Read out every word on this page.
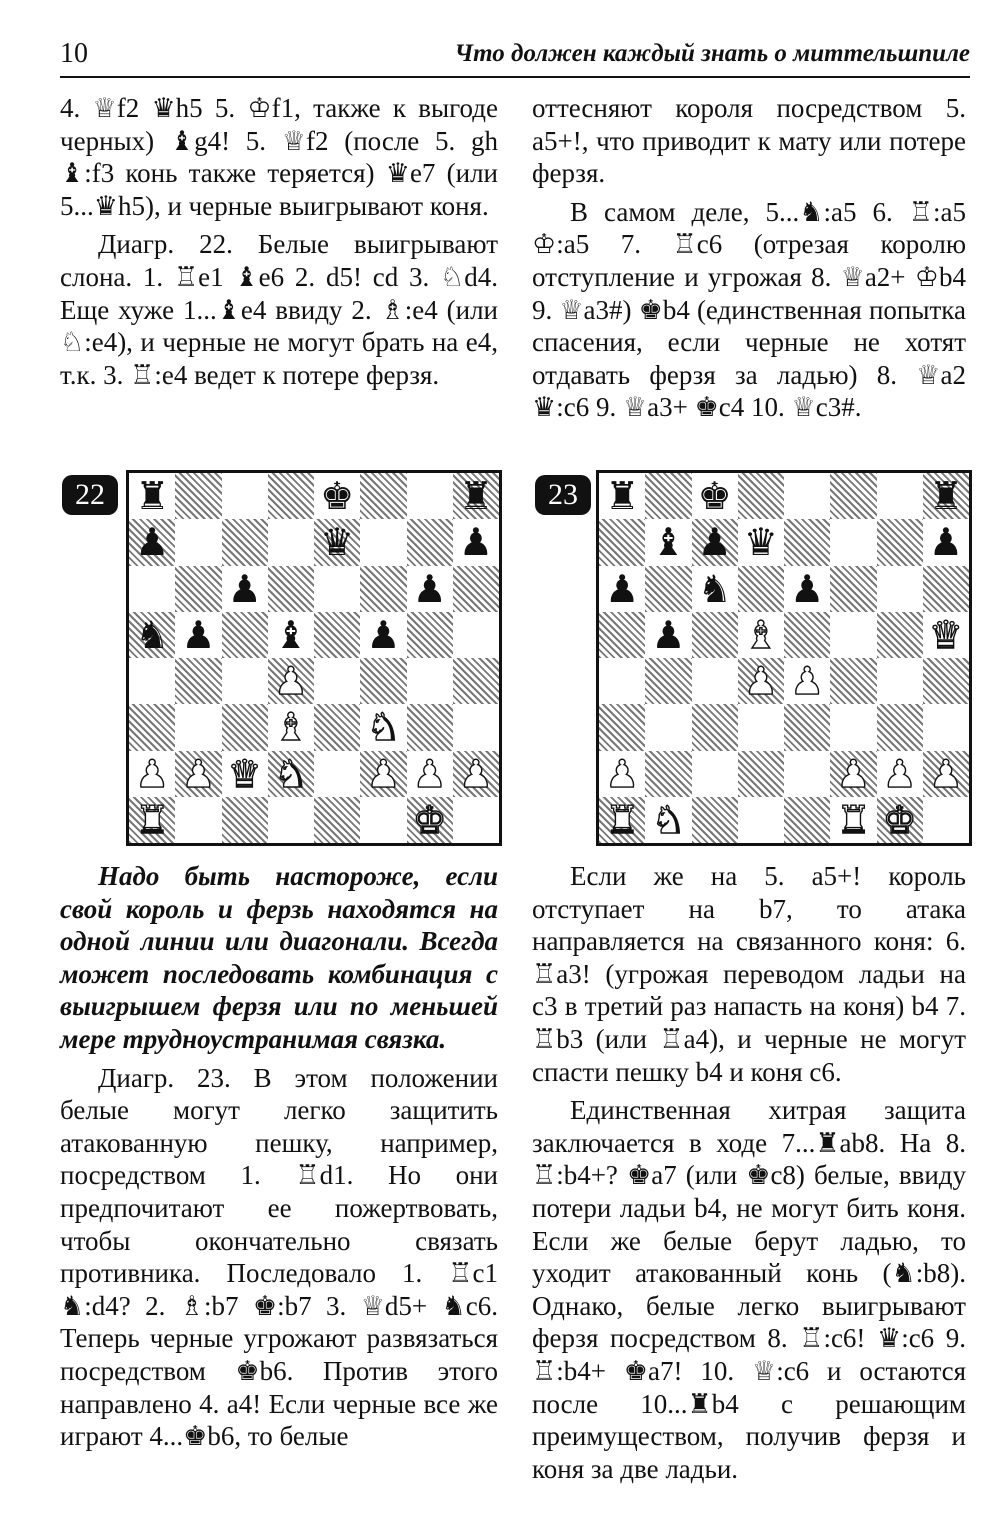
10	Что должен каждый знать о миттельшпиле

4. ♕f2 ♛h5 5. ♔f1, также к выгоде черных) ♝g4! 5. ♕f2 (после 5. gh ♝:f3 конь также теряется) ♛e7 (или 5...♛h5), и черные выигрывают коня.

Диагр. 22. Белые выигрывают слона. 1. ♖e1 ♝e6 2. d5! cd 3. ♘d4. Еще хуже 1...♝e4 ввиду 2. ♗:e4 (или ♘:e4), и черные не могут брать на е4, т.к. 3. ♖:e4 ведет к потере ферзя.

оттесняют короля посредством 5. a5+!, что приводит к мату или потере ферзя.

В самом деле, 5...♞:a5 6. ♖:a5 ♔:a5 7. ♖c6 (отрезая королю отступление и угрожая 8. ♕a2+ ♔b4 9. ♕a3#) ♚b4 (единственная попытка спасения, если черные не хотят отдавать ферзя за ладью) 8. ♕a2 ♛:c6 9. ♕a3+ ♚c4 10. ♕c3#.

22 ♜	♚	♜
♟	♛	♟
♟	♟
♞ ♟ ♝ ♟
♟
♝ ♞
♟ ♟ ♛ ♞ ♟ ♟ ♟
♜	♚
23 ♜ ♚	♜
♝ ♟ ♛	♟
♟ ♞ ♟
♟ ♝	♛
♟ ♟
♟	♟ ♟ ♟
♜ ♞	♜ ♚

Надо быть настороже, если свой король и ферзь находятся на одной линии или диагонали. Всегда может последовать комбинация с выигрышем ферзя или по меньшей мере трудноустранимая связка.

Диагр. 23. В этом положении белые могут легко защитить атакованную пешку, например, посредством 1. ♖d1. Но они предпочитают ее пожертвовать, чтобы окончательно связать противника. Последовало 1. ♖c1 ♞:d4? 2. ♗:b7 ♚:b7 3. ♕d5+ ♞c6. Теперь черные угрожают развязаться посредством ♚b6. Против этого направлено 4. a4! Если черные все же играют 4...♚b6, то белые

Если же на 5. a5+! король отступает на b7, то атака направляется на связанного коня: 6. ♖a3! (угрожая переводом ладьи на с3 в третий раз напасть на коня) b4 7. ♖b3 (или ♖a4), и черные не могут спасти пешку b4 и коня с6.

Единственная хитрая защита заключается в ходе 7...♜ab8. На 8. ♖:b4+? ♚a7 (или ♚c8) белые, ввиду потери ладьи b4, не могут бить коня. Если же белые берут ладью, то уходит атакованный конь (♞:b8). Однако, белые легко выигрывают ферзя посредством 8. ♖:c6! ♛:c6 9. ♖:b4+ ♚a7! 10. ♕:c6 и остаются после 10...♜b4 с решающим преимуществом, получив ферзя и коня за две ладьи.
